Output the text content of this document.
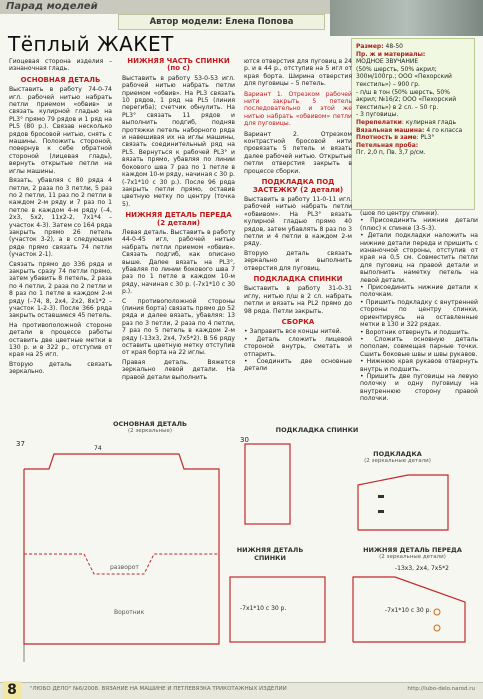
Парад моделей
Автор модели: Елена Попова
Тёплый ЖАКЕТ	Размер: 48-50
Пр. ж и материалы:
МОДНОЕ ЗВУЧАНИЕ
(50% шерсть, 50% акрил;
300м/100гр.; ООО «Пехорский
текстиль») – 900 гр.
- п/ш в тон (50% шерсть, 50%
акрил; №16/2; ООО «Пехорский
текстиль») в 2 сл. – 50 гр.
- 3 пуговицы.
Перепелатки: кулирная гладь
Вязальная машина: 4 го класса
Плотность в заме: PL3°
Петельная проба:
Пг. 2,0 п, Пв. 3,7 р/см.
Гиоцевая сторона изделия – изнаночная гладь.
ОСНОВНАЯ ДЕТАЛЬ

Выставить в работу 74-0-74 игл. рабочей нитью набрать петли приемом «обвив» и связать кулирной гладью на PL3° прямо 79 рядов и 1 ряд на PL5 (80 р.). Связав несколько рядов бросовой нитью, снять с машины. Положить стороной, повернув к себе обратной стороной (лицевая гладь), вернуть открытые петли на иглы машины.

Вязать, убавляя с 80 ряда 4 петли, 2 раза по 3 петли, 5 раз по 2 петли, 11 раз по 2 петли в каждом 2-м ряду и 7 раз по 1 петле в каждом 4-м ряду (–4, 2х3, 5х2, 11х2-2, 7х1*4 – участок 4-3). Затем со 164 ряда закрыть прямо 26 петель (участок 3-2), а в следующем ряде прямо связать 74 петли (участок 2-1).

Связать прямо до 336 ряда и закрыть сразу 74 петли прямо, затем убавить 8 петель, 2 раза по 4 петли, 2 раза по 2 петли и 8 раз по 1 петле в каждом 2-м ряду (–74, 8, 2х4, 2х2, 8х1*2 – участок 1-2-3). После 366 ряда закрыть оставшиеся 45 петель.

На противоположной стороне детали в процессе работы оставить две цветные метки в 130 р. и в 322 р., отступив от края на 25 игл.

Вторую деталь связать зеркально.

НИЖНЯЯ ЧАСТЬ СПИНКИ
(по с)

Выставить в работу 53-0-53 игл. рабочей нитью набрать петли приемом «обвив». На PL3 связать 10 рядов, 1 ряд на PL5 (линия перегиба); счетчик обнулить. На PL3° связать 11 рядов и выполнить подгиб, подняв протяжки петель наборного ряда и навешивая их на иглы машины, связать соединительный ряд на PL5. Вернуться к рабочей PL3° и вязать прямо, убавляя по линии бокового шва 7 раз по 1 петле в каждом 10-м ряду, начиная с 30 р. (-7х1*10 с 30 р.). После 96 ряда закрыть петли прямо, оставив цветную метку по центру (точка 5).

НИЖНЯЯ ДЕТАЛЬ ПЕРЕДА (2 детали)

Левая деталь. Выставить в работу 44-0-45 игл, рабочей нитью набрать петли приемом «обвив». Связать подгиб, как описано выше. Далее вязать на PL3°, убавляя по линии бокового шва 7 раз по 1 петле в каждом 10-м ряду, начиная с 30 р. (-7х1*10 с 30 р.).

С противоположной стороны (линия борта) связать прямо до 52 ряда и далее вязать, убавляя: 13 раз по 3 петли, 2 раза по 4 петли, 7 раз по 5 петель в каждом 2-м ряду (-13х3, 2х4, 7х5*2). В 56 ряду оставить цветную метку отступив от края борта на 22 иглы.

Правая деталь. Вяжется зеркально левой детали. На правой детали выполнить

ются отверстия для пуговиц в 24 р. и в 44 р., отступив на 5 игл от края борта. Ширина отверстия для пуговицы – 5 петель.

Вариант 1. Отрезком рабочей нити закрыть 5 петель последовательно и этой же нитью набрать «обвивом» петли для пуговицы.

Вариант 2. Отрезком контрастной бросовой нити провязать 5 петель и вязать далее рабочей нитью. Открытые петли отверстия закрыть в процессе сборки.

ПОДКЛАДКА ПОД ЗАСТЕЖКУ (2 детали)

Выставить в работу 11-0-11 игл. рабочей нитью набрать петли «обвивом». На PL3° вязать кулирной гладью прямо 40 рядов, затем убавлять 8 раз по 3 петли и 4 петли в каждом 2-м ряду.

Вторую деталь связать зеркально и выполнить отверстия для пуговиц.

ПОДКЛАДКА СПИНКИ

Выставить в работу 31-0-31 иглу, нитью п/ш в 2 сл. набрать петли и вязать на PL2 прямо до 98 ряда. Петли закрыть.

СБОРКА
• Заправить все концы нитей.
• Деталь сложить лицевой стороной внутрь, сметать и отпарить.
• Соединить две основные детали
(шов по центру спинки).
• Присоединить нижние детали (плюс) к спинке (3-5-3).
• Детали подкладки наложить на нижние детали переда и пришить с изнаночной стороны, отступив от края на 0,5 см. Совместить петли для пуговиц на правой детали и выполнить наметку петель на левой детали.
• Присоединить нижние детали к полочкам.
• Пришить подкладку с внутренней стороны по центру спинки, ориентируясь на оставленные метки в 130 и 322 рядах.
• Воротник отвернуть и подшить.
• Сложить основную деталь пополам, совмещая парные точки. Сшить боковые швы и швы рукавов.
• Нижнюю края рукавов отвернуть внутрь и подшить.
• Пришить две пуговицы на левую полочку и одну пуговицу на внутреннюю сторону правой полочки.
ОСНОВНАЯ ДЕТАЛЬ
(2 зеркальные)	ПОДКЛАДКА СПИНКИ
ПОДКЛАДКА
(2 зеркальные детали)
НИЖНЯЯ ДЕТАЛЬ СПИНКИ
НИЖНЯЯ ДЕТАЛЬ ПЕРЕДА
(2 зеркальные детали)
37
74
разворот
Воротник
30
-7х1*10 с 30 р.
-13х3, 2х4, 7х5*2
-7х1*10 с 30 р.
8	"ЛЮБО ДЕЛО" №6/2008. ВЯЗАНИЕ НА МАШИНЕ И ПЕТЛЕВЯЗКА ТРИКОТАЖНЫХ ИЗДЕЛИЙ	http://lubo-delo.narod.ru
